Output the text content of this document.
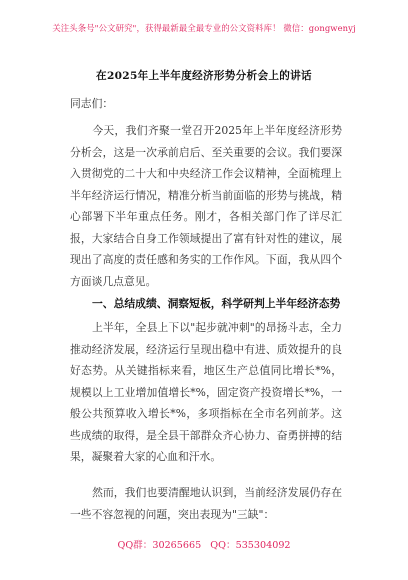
关注头条号"公文研究"，获得最新最全最专业的公文资料库！ 微信：gongwenyj
在2025年上半年度经济形势分析会上的讲话
同志们：
今天，我们齐聚一堂召开2025年上半年度经济形势分析会，这是一次承前启后、至关重要的会议。我们要深入贯彻党的二十大和中央经济工作会议精神，全面梳理上半年经济运行情况，精准分析当前面临的形势与挑战，精心部署下半年重点任务。刚才，各相关部门作了详尽汇报，大家结合自身工作领域提出了富有针对性的建议，展现出了高度的责任感和务实的工作作风。下面，我从四个方面谈几点意见。
一、总结成绩、洞察短板，科学研判上半年经济态势
上半年，全县上下以"起步就冲刺"的昂扬斗志，全力推动经济发展，经济运行呈现出稳中有进、质效提升的良好态势。从关键指标来看，地区生产总值同比增长*%，规模以上工业增加值增长*%，固定资产投资增长*%，一般公共预算收入增长*%，多项指标在全市名列前茅。这些成绩的取得，是全县干部群众齐心协力、奋勇拼搏的结果，凝聚着大家的心血和汗水。
然而，我们也要清醒地认识到，当前经济发展仍存在一些不容忽视的问题，突出表现为"三缺"：
QQ群：30265665 QQ：535304092
